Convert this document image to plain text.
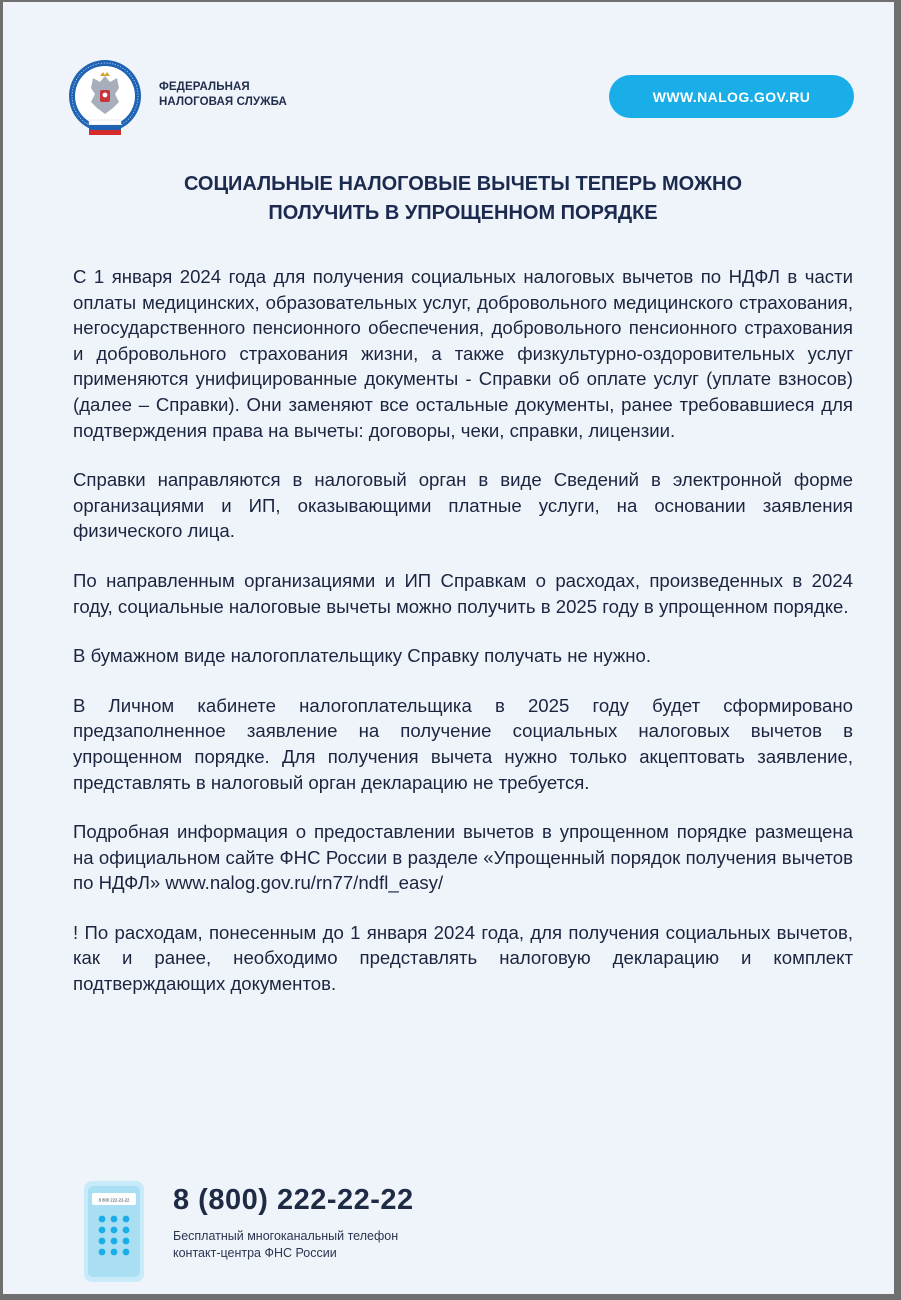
ФЕДЕРАЛЬНАЯ
НАЛОГОВАЯ СЛУЖБА	WWW.NALOG.GOV.RU
СОЦИАЛЬНЫЕ НАЛОГОВЫЕ ВЫЧЕТЫ ТЕПЕРЬ МОЖНО
ПОЛУЧИТЬ В УПРОЩЕННОМ ПОРЯДКЕ

С 1 января 2024 года для получения социальных налоговых вычетов по НДФЛ в части оплаты медицинских, образовательных услуг, добровольного медицинского страхования, негосударственного пенсионного обеспечения, добровольного пенсионного страхования и добровольного страхования жизни, а также физкультурно-оздоровительных услуг применяются унифицированные документы - Справки об оплате услуг (уплате взносов) (далее – Справки). Они заменяют все остальные документы, ранее требовавшиеся для подтверждения права на вычеты: договоры, чеки, справки, лицензии.

Справки направляются в налоговый орган в виде Сведений в электронной форме организациями и ИП, оказывающими платные услуги, на основании заявления физического лица.

По направленным организациями и ИП Справкам о расходах, произведенных в 2024 году, социальные налоговые вычеты можно получить в 2025 году в упрощенном порядке.

В бумажном виде налогоплательщику Справку получать не нужно.

В Личном кабинете налогоплательщика в 2025 году будет сформировано предзаполненное заявление на получение социальных налоговых вычетов в упрощенном порядке. Для получения вычета нужно только акцептовать заявление, представлять в налоговый орган декларацию не требуется.

Подробная информация о предоставлении вычетов в упрощенном порядке размещена на официальном сайте ФНС России в разделе «Упрощенный порядок получения вычетов по НДФЛ» www.nalog.gov.ru/rn77/ndfl_easy/

! По расходам, понесенным до 1 января 2024 года, для получения социальных вычетов, как и ранее, необходимо представлять налоговую декларацию и комплект подтверждающих документов.

8 800 222-22-22 8 (800) 222-22-22
Бесплатный многоканальный телефон
контакт-центра ФНС России
